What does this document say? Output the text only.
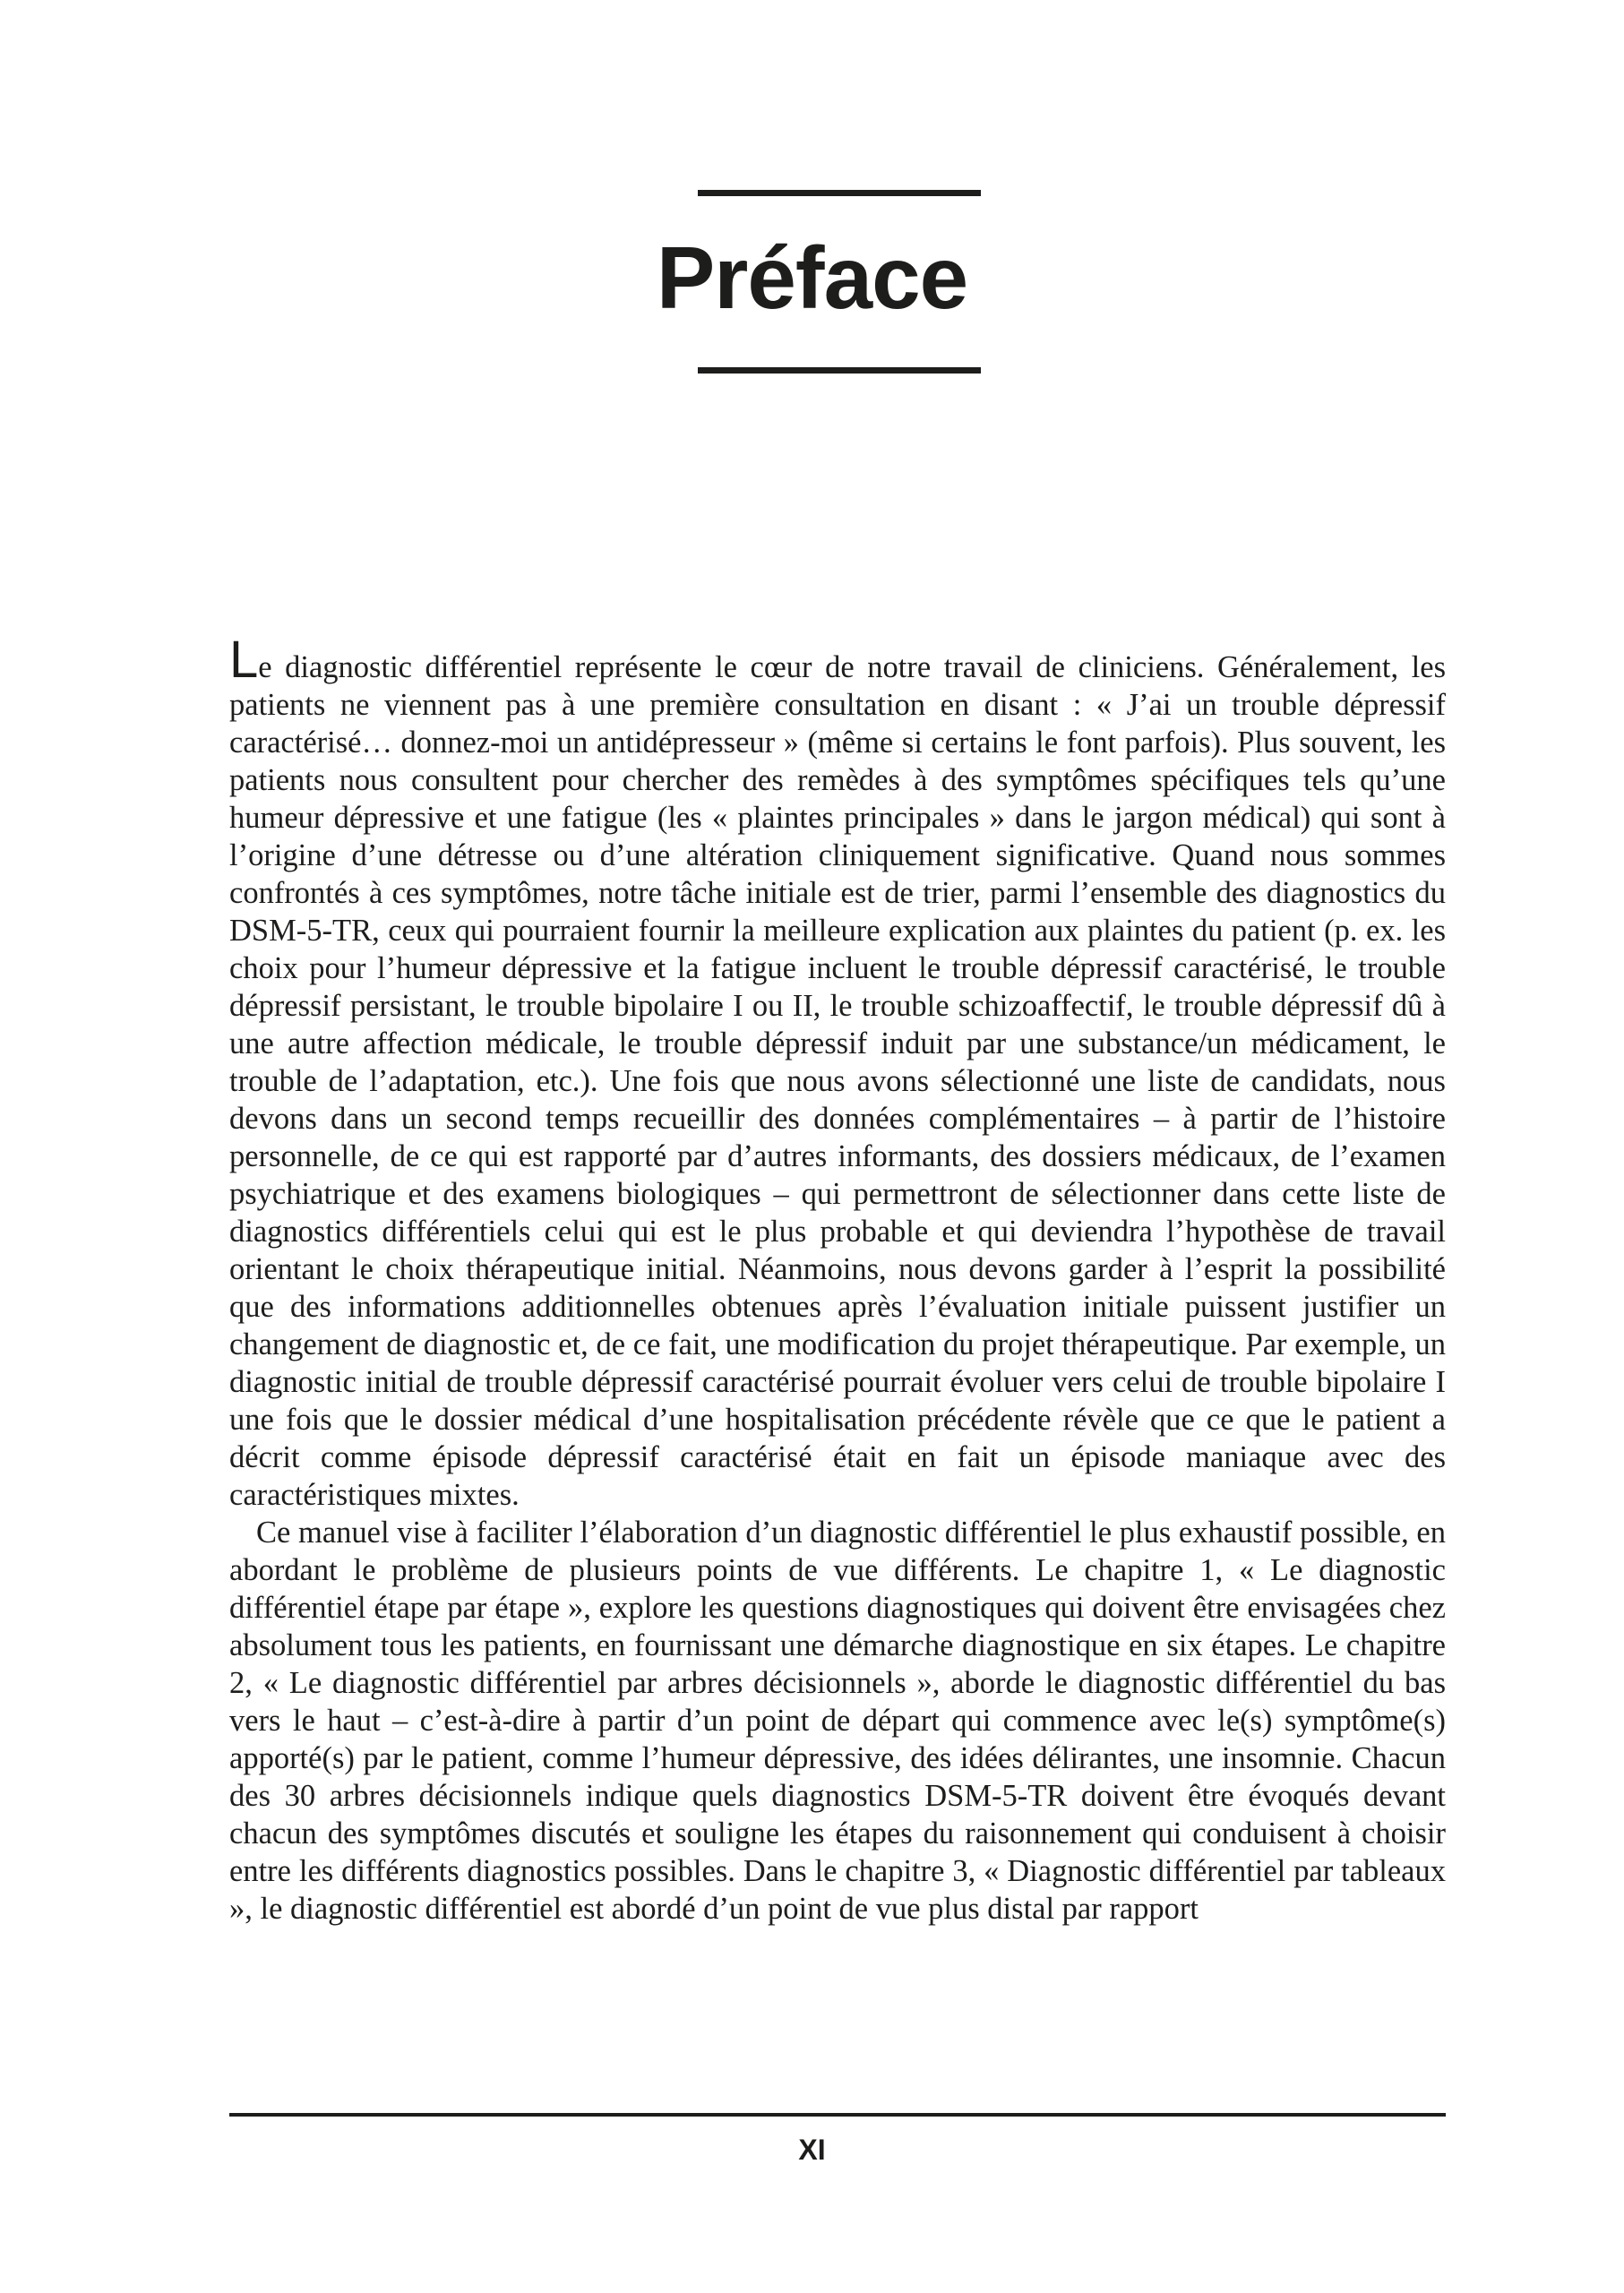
Préface

Le diagnostic différentiel représente le cœur de notre travail de cliniciens. Généralement, les patients ne viennent pas à une première consultation en disant : « J’ai un trouble dépressif caractérisé… donnez-moi un antidépresseur » (même si certains le font parfois). Plus souvent, les patients nous consultent pour chercher des remèdes à des symptômes spécifiques tels qu’une humeur dépressive et une fatigue (les « plaintes principales » dans le jargon médical) qui sont à l’origine d’une détresse ou d’une altération cliniquement significative. Quand nous sommes confrontés à ces symptômes, notre tâche initiale est de trier, parmi l’ensemble des diagnostics du DSM-5-TR, ceux qui pourraient fournir la meilleure explication aux plaintes du patient (p. ex. les choix pour l’humeur dépressive et la fatigue incluent le trouble dépressif caractérisé, le trouble dépressif persistant, le trouble bipolaire I ou II, le trouble schizoaffectif, le trouble dépressif dû à une autre affection médicale, le trouble dépressif induit par une substance/un médicament, le trouble de l’adaptation, etc.). Une fois que nous avons sélectionné une liste de candidats, nous devons dans un second temps recueillir des données complémentaires – à partir de l’histoire personnelle, de ce qui est rapporté par d’autres informants, des dossiers médicaux, de l’examen psychiatrique et des examens biologiques – qui permettront de sélectionner dans cette liste de diagnostics différentiels celui qui est le plus probable et qui deviendra l’hypothèse de travail orientant le choix thérapeutique initial. Néanmoins, nous devons garder à l’esprit la possibilité que des informations additionnelles obtenues après l’évaluation initiale puissent justifier un changement de diagnostic et, de ce fait, une modification du projet thérapeutique. Par exemple, un diagnostic initial de trouble dépressif caractérisé pourrait évoluer vers celui de trouble bipolaire I une fois que le dossier médical d’une hospitalisation précédente révèle que ce que le patient a décrit comme épisode dépressif caractérisé était en fait un épisode maniaque avec des caractéristiques mixtes.

Ce manuel vise à faciliter l’élaboration d’un diagnostic différentiel le plus exhaustif possible, en abordant le problème de plusieurs points de vue différents. Le chapitre 1, « Le diagnostic différentiel étape par étape », explore les questions diagnostiques qui doivent être envisagées chez absolument tous les patients, en fournissant une démarche diagnostique en six étapes. Le chapitre 2, « Le diagnostic différentiel par arbres décisionnels », aborde le diagnostic différentiel du bas vers le haut – c’est-à-dire à partir d’un point de départ qui commence avec le(s) symptôme(s) apporté(s) par le patient, comme l’humeur dépressive, des idées délirantes, une insomnie. Chacun des 30 arbres décisionnels indique quels diagnostics DSM-5-TR doivent être évoqués devant chacun des symptômes discutés et souligne les étapes du raisonnement qui conduisent à choisir entre les différents diagnostics possibles. Dans le chapitre 3, « Diagnostic différentiel par tableaux », le diagnostic différentiel est abordé d’un point de vue plus distal par rapport

XI
